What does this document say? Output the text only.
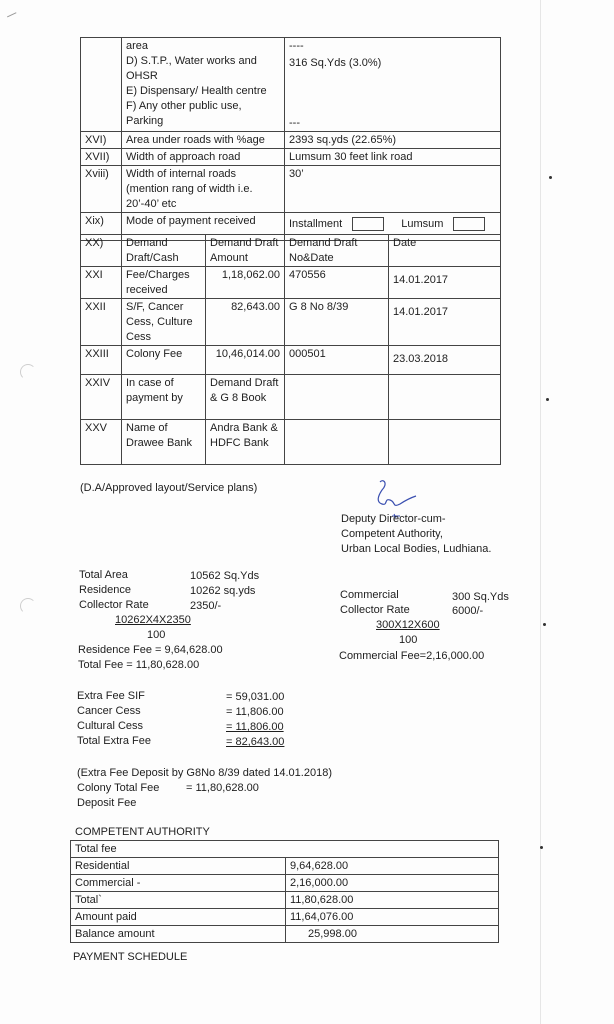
area
D) S.T.P., Water works and
OHSR
E) Dispensary/ Health centre
F) Any other public use,
Parking

----
316 Sq.Yds (3.0%)
---

XVI)	Area under roads with %age	2393 sq.yds (22.65%)
XVII)	Width of approach road	Lumsum 30 feet link road
Xviii)	Width of internal roads (mention rang of width i.e. 20’-40’ etc	30’
Xix)	Mode of payment received	Installment Lumsum
XX)	Demand Draft/Cash	Demand Draft Amount	Demand Draft No&Date	Date
XXI	Fee/Charges received	1,18,062.00	470556	14.01.2017
XXII	S/F, Cancer Cess, Culture Cess	82,643.00	G 8 No 8/39	14.01.2017
XXIII	Colony Fee	10,46,014.00	000501	23.03.2018
XXIV	In case of payment by	Demand Draft & G 8 Book		
XXV	Name of Drawee Bank	Andra Bank & HDFC Bank		
(D.A/Approved layout/Service plans)
Deputy Director-cum-
Competent Authority,
Urban Local Bodies, Ludhiana.
Total Area	10562 Sq.Yds
Residence	10262 sq.yds
Collector Rate	2350/-
10262X4X2350
100
Residence Fee = 9,64,628.00
Total Fee = 11,80,628.00
Commercial	300 Sq.Yds
Collector Rate	6000/-
300X12X600
100
Commercial Fee=2,16,000.00
Extra Fee SIF	= 59,031.00
Cancer Cess	= 11,806.00
Cultural Cess	= 11,806.00
Total Extra Fee	= 82,643.00
(Extra Fee Deposit by G8No 8/39 dated 14.01.2018)
Colony Total Fee = 11,80,628.00
Deposit Fee
COMPETENT AUTHORITY
Total fee	
Residential	9,64,628.00
Commercial -	2,16,000.00
Total`	11,80,628.00
Amount paid	11,64,076.00
Balance amount	25,998.00
PAYMENT SCHEDULE
